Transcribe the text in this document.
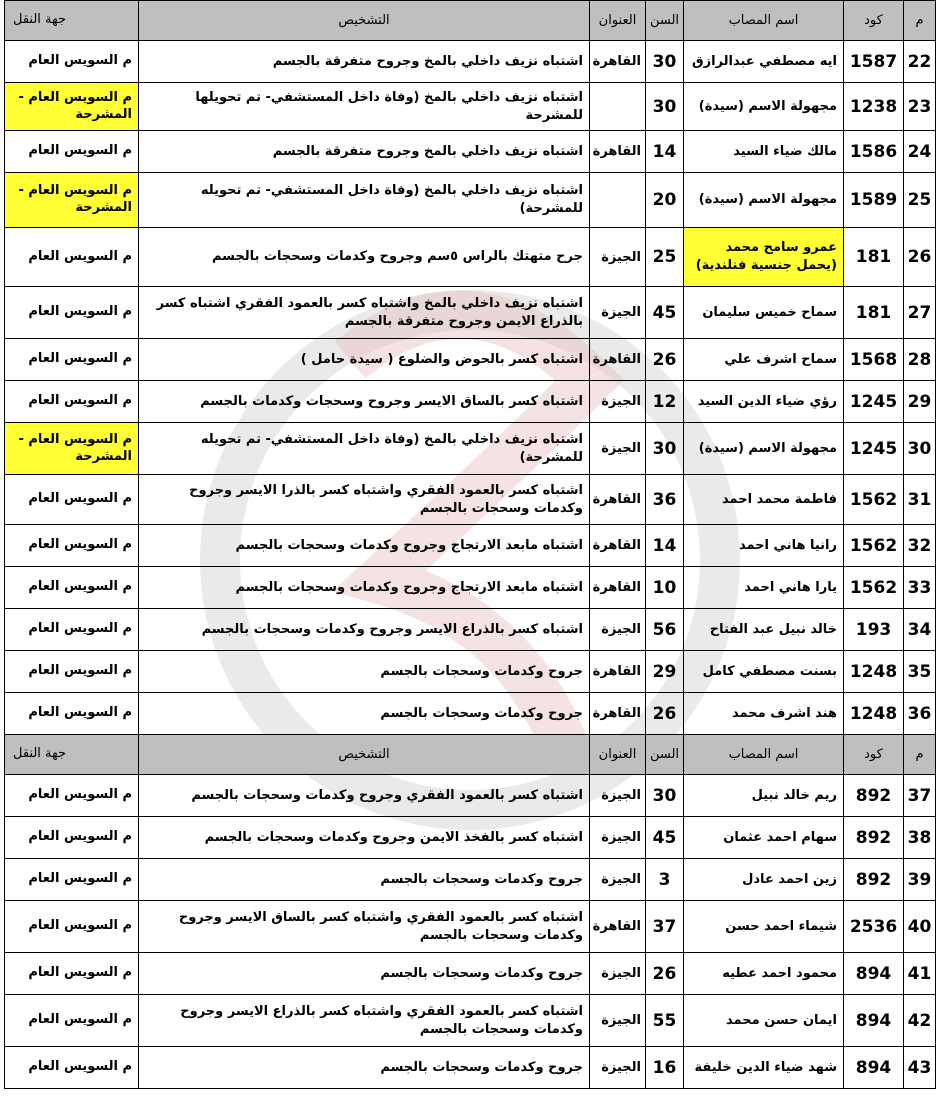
م	كود	اسم المصاب	السن	العنوان	التشخيص	جهة النقل
22	1587	ايه مصطفي عبدالرازق	30	القاهرة	اشتباه نزيف داخلي بالمخ وجروح متفرقة بالجسم	م السويس العام
23	1238	مجهولة الاسم (سيدة)	30		اشتباه نزيف داخلي بالمخ (وفاة داخل المستشفي- تم تحويلها للمشرحة	م السويس العام - المشرحة
24	1586	مالك ضياء السيد	14	القاهرة	اشتباه نزيف داخلي بالمخ وجروح متفرقة بالجسم	م السويس العام
25	1589	مجهولة الاسم (سيدة)	20		اشتباه نزيف داخلي بالمخ (وفاة داخل المستشفي- تم تحويله للمشرحة)	م السويس العام - المشرحة
26	181	عمرو سامح محمد (يحمل جنسية فنلندية)	25	الجيزة	جرح متهتك بالراس ٥سم وجروح وكدمات وسحجات بالجسم	م السويس العام
27	181	سماح خميس سليمان	45	الجيزة	اشتباه نزيف داخلي بالمخ واشتباه كسر بالعمود الفقري اشتباه كسر بالذراع الايمن وجروح متفرقة بالجسم	م السويس العام
28	1568	سماح اشرف علي	26	القاهرة	اشتباه كسر بالحوض والضلوع ( سيدة حامل )	م السويس العام
29	1245	رؤي ضياء الدين السيد	12	الجيزة	اشتباه كسر بالساق الايسر وجروح وسحجات وكدمات بالجسم	م السويس العام
30	1245	مجهولة الاسم (سيدة)	30	الجيزة	اشتباه نزيف داخلي بالمخ (وفاة داخل المستشفي- تم تحويله للمشرحة)	م السويس العام - المشرحة
31	1562	فاطمة محمد احمد	36	القاهرة	اشتباه كسر بالعمود الفقري واشتباه كسر بالذرا الايسر وجروح وكدمات وسحجات بالجسم	م السويس العام
32	1562	رانيا هاني احمد	14	القاهرة	اشتباه مابعد الارتجاج وجروح وكدمات وسحجات بالجسم	م السويس العام
33	1562	يارا هاني احمد	10	القاهرة	اشتباه مابعد الارتجاج وجروح وكدمات وسحجات بالجسم	م السويس العام
34	193	خالد نبيل عبد الفتاح	56	الجيزة	اشتباه كسر بالذراع الايسر وجروح وكدمات وسحجات بالجسم	م السويس العام
35	1248	بسنت مصطفي كامل	29	القاهرة	جروح وكدمات وسحجات بالجسم	م السويس العام
36	1248	هند اشرف محمد	26	القاهرة	جروح وكدمات وسحجات بالجسم	م السويس العام
م	كود	اسم المصاب	السن	العنوان	التشخيص	جهة النقل
37	892	ريم خالد نبيل	30	الجيزة	اشتباه كسر بالعمود الفقري وجروح وكدمات وسحجات بالجسم	م السويس العام
38	892	سهام احمد عثمان	45	الجيزة	اشتباه كسر بالفخذ الايمن وجروح وكدمات وسحجات بالجسم	م السويس العام
39	892	زين احمد عادل	3	الجيزة	جروح وكدمات وسحجات بالجسم	م السويس العام
40	2536	شيماء احمد حسن	37	القاهرة	اشتباه كسر بالعمود الفقري واشتباه كسر بالساق الايسر وجروح وكدمات وسحجات بالجسم	م السويس العام
41	894	محمود احمد عطيه	26	الجيزة	جروح وكدمات وسحجات بالجسم	م السويس العام
42	894	ايمان حسن محمد	55	الجيزة	اشتباه كسر بالعمود الفقري واشتباه كسر بالذراع الايسر وجروح وكدمات وسحجات بالجسم	م السويس العام
43	894	شهد ضياء الدين خليفة	16	الجيزة	جروح وكدمات وسحجات بالجسم	م السويس العام
